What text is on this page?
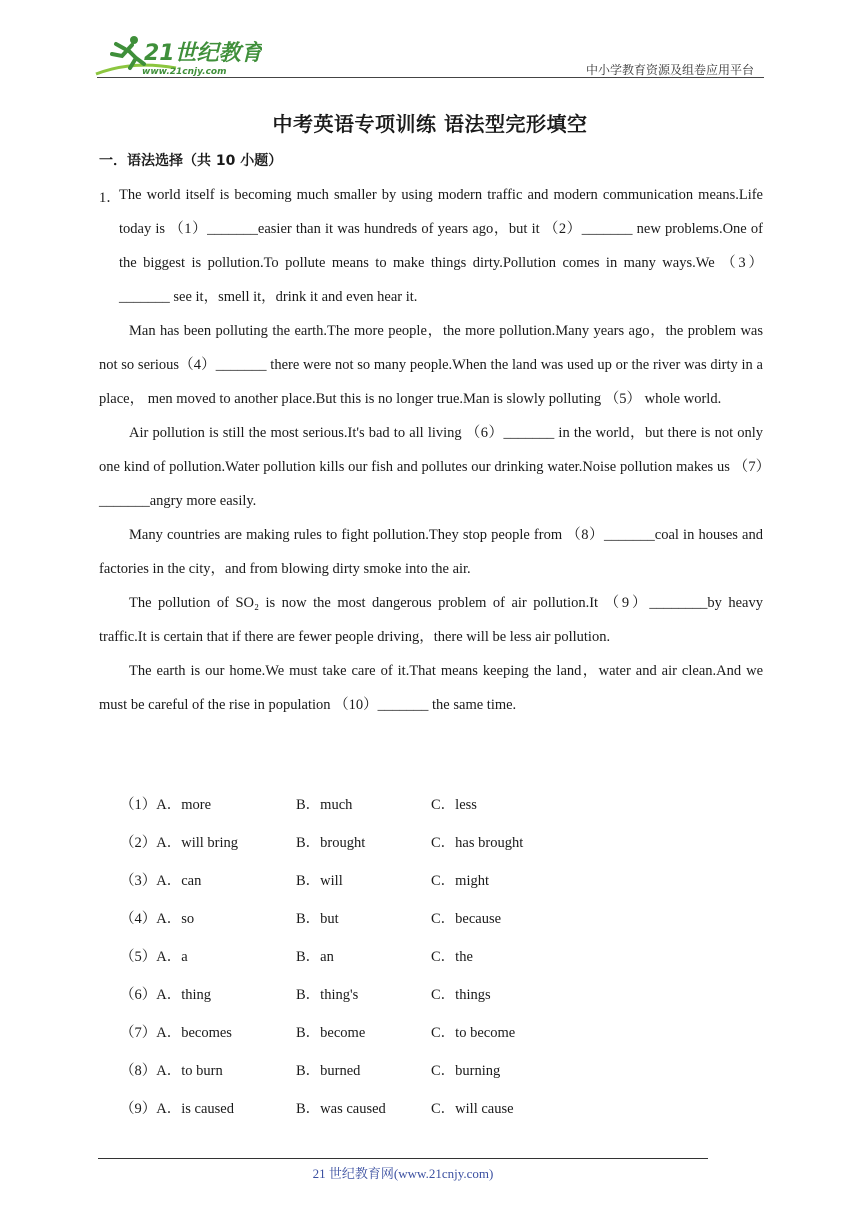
21世纪教育
www.21cnjy.com	中小学教育资源及组卷应用平台
中考英语专项训练 语法型完形填空
一．语法选择（共 10 小题）
1．

The world itself is becoming much smaller by using modern traffic and modern communication means.Life today is （1）_______easier than it was hundreds of years ago，but it （2）_______ new problems.One of the biggest is pollution.To pollute means to make things dirty.Pollution comes in many ways.We （3）_______ see it，smell it，drink it and even hear it.

Man has been polluting the earth.The more people，the more pollution.Many years ago，the problem was not so serious（4）_______ there were not so many people.When the land was used up or the river was dirty in a place， men moved to another place.But this is no longer true.Man is slowly polluting （5） whole world.

Air pollution is still the most serious.It's bad to all living （6）_______ in the world，but there is not only one kind of pollution.Water pollution kills our fish and pollutes our drinking water.Noise pollution makes us （7）_______angry more easily.

Many countries are making rules to fight pollution.They stop people from （8）_______coal in houses and factories in the city，and from blowing dirty smoke into the air.

The pollution of SO₂ is now the most dangerous problem of air pollution.It （9）________by heavy traffic.It is certain that if there are fewer people driving，there will be less air pollution.

The earth is our home.We must take care of it.That means keeping the land，water and air clean.And we must be careful of the rise in population （10）_______ the same time.

（1）A．more	B．much	C．less
（2）A．will bring	B．brought	C．has brought
（3）A．can	B．will	C．might
（4）A．so	B．but	C．because
（5）A．a	B．an	C．the
（6）A．thing	B．thing's	C．things
（7）A．becomes	B．become	C．to become
（8）A．to burn	B．burned	C．burning
（9）A．is caused	B．was caused	C．will cause
21 世纪教育网(www.21cnjy.com)
